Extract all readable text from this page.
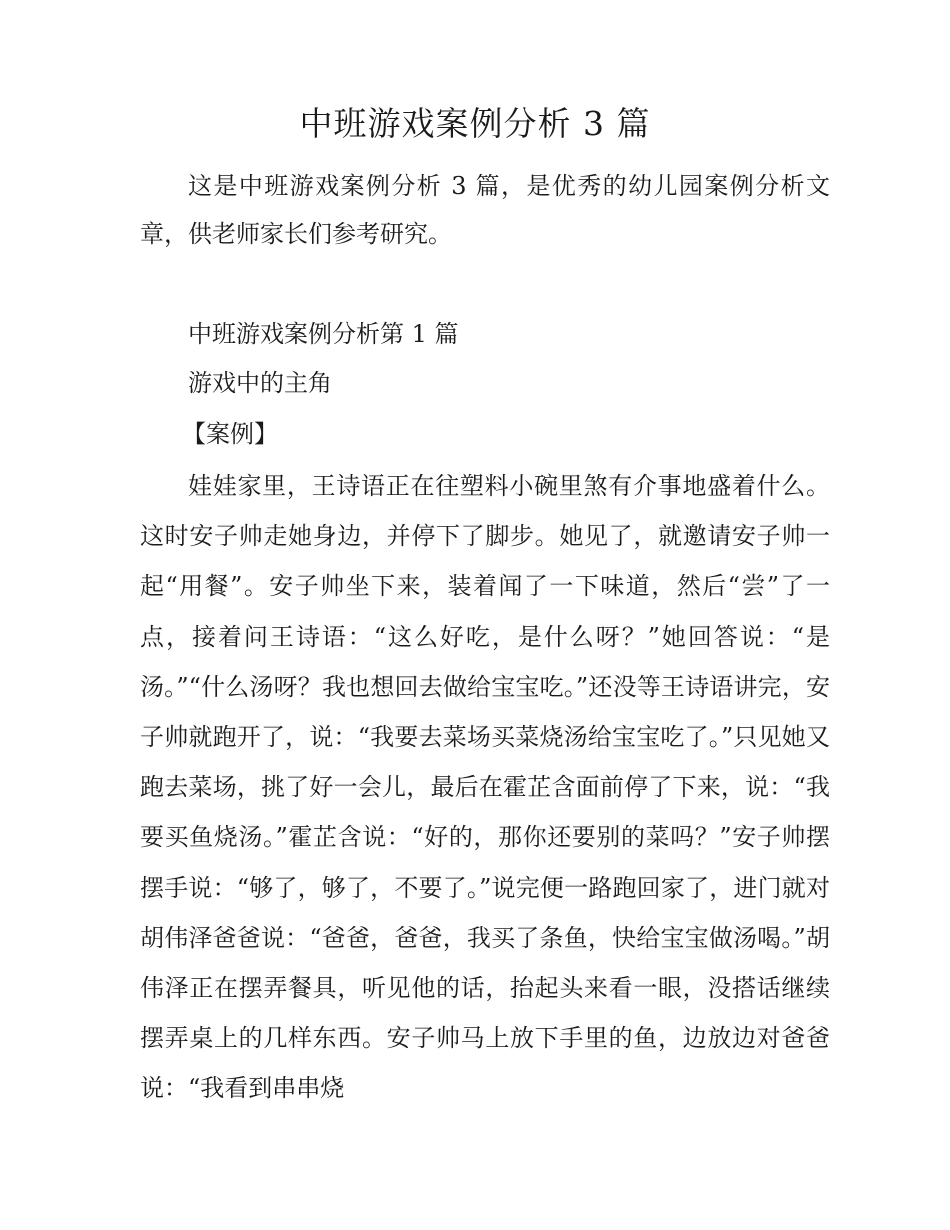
中班游戏案例分析 3 篇

这是中班游戏案例分析 3 篇，是优秀的幼儿园案例分析文章，供老师家长们参考研究。

中班游戏案例分析第 1 篇

游戏中的主角

【案例】

娃娃家里，王诗语正在往塑料小碗里煞有介事地盛着什么。这时安子帅走她身边，并停下了脚步。她见了，就邀请安子帅一起“用餐”。安子帅坐下来，装着闻了一下味道，然后“尝”了一点，接着问王诗语：“这么好吃，是什么呀？”她回答说：“是汤。”“什么汤呀？我也想回去做给宝宝吃。”还没等王诗语讲完，安子帅就跑开了，说：“我要去菜场买菜烧汤给宝宝吃了。”只见她又跑去菜场，挑了好一会儿，最后在霍芷含面前停了下来，说：“我要买鱼烧汤。”霍芷含说：“好的，那你还要别的菜吗？”安子帅摆摆手说：“够了，够了，不要了。”说完便一路跑回家了，进门就对胡伟泽爸爸说：“爸爸，爸爸，我买了条鱼，快给宝宝做汤喝。”胡伟泽正在摆弄餐具，听见他的话，抬起头来看一眼，没搭话继续摆弄桌上的几样东西。安子帅马上放下手里的鱼，边放边对爸爸说：“我看到串串烧
